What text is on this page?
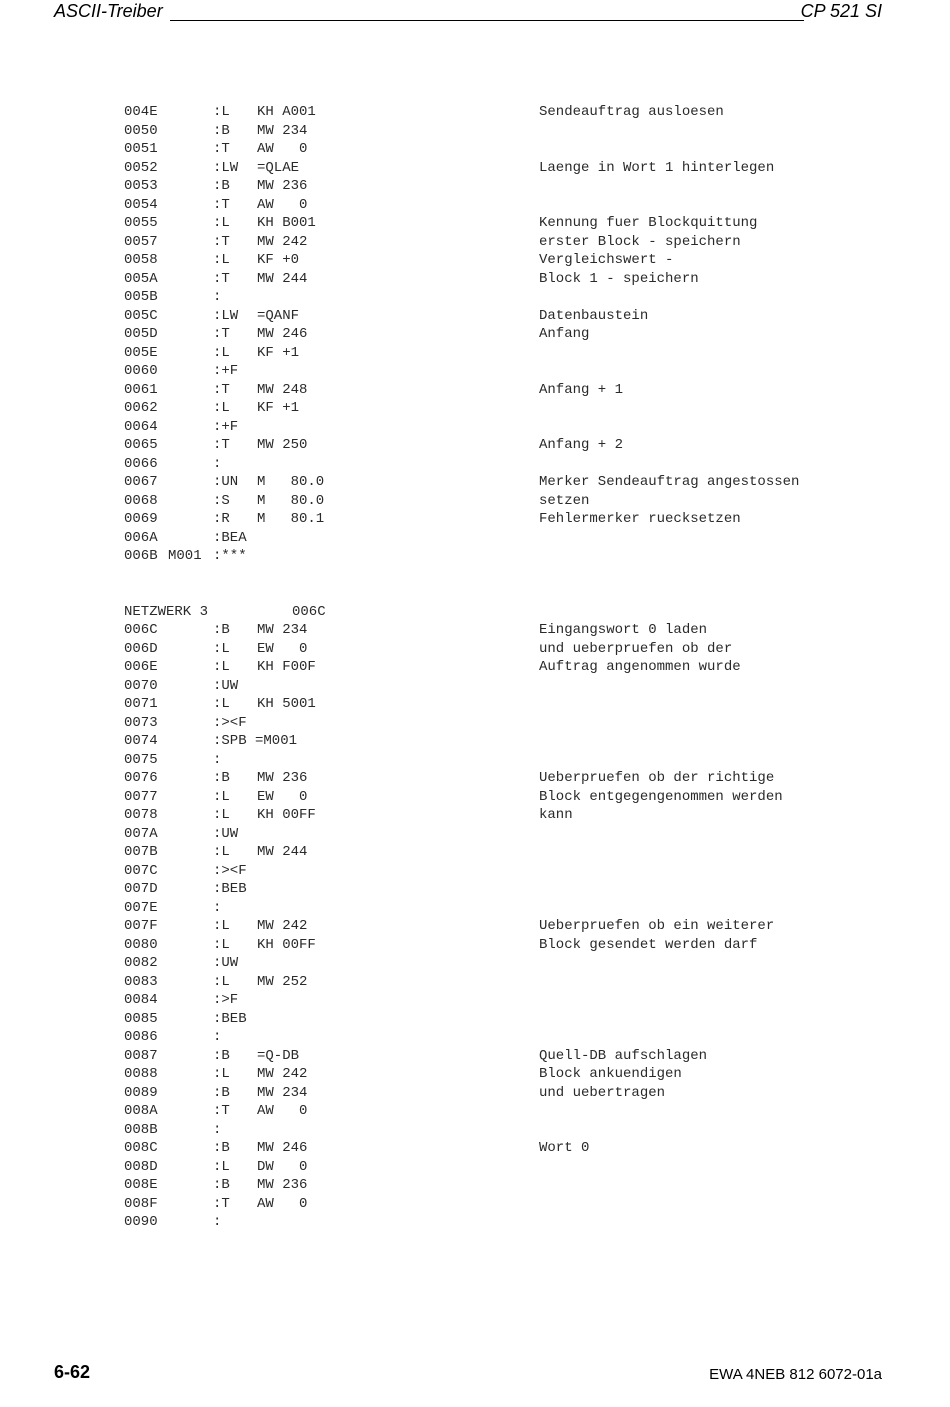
ASCII-Treiber	CP 521 SI
004E	:L KH A001	Sendeauftrag ausloesen
0050	:B MW 234
0051	:T AW   0
0052	:LW =QLAE	Laenge in Wort 1 hinterlegen
0053	:B MW 236
0054	:T AW   0
0055	:L KH B001	Kennung fuer Blockquittung
0057	:T MW 242	erster Block - speichern
0058	:L KF +0	Vergleichswert -
005A	:T MW 244	Block 1 - speichern
005B	:
005C	:LW =QANF	Datenbaustein
005D	:T MW 246	Anfang
005E	:L KF +1
0060	:+F
0061	:T MW 248	Anfang + 1
0062	:L KF +1
0064	:+F
0065	:T MW 250	Anfang + 2
0066	:
0067	:UN M   80.0	Merker Sendeauftrag angestossen
0068	:S M   80.0	setzen
0069	:R M   80.1	Fehlermerker ruecksetzen
006A	:BEA
006B M001 :***
NETZWERK 3	006C
006C	:B MW 234	Eingangswort 0 laden
006D	:L EW   0	und ueberpruefen ob der
006E	:L KH F00F	Auftrag angenommen wurde
0070	:UW
0071	:L KH 5001
0073	:><F
0074	:SPB =M001
0075	:
0076	:B MW 236	Ueberpruefen ob der richtige
0077	:L EW   0	Block entgegengenommen werden
0078	:L KH 00FF	kann
007A	:UW
007B	:L MW 244
007C	:><F
007D	:BEB
007E	:
007F	:L MW 242	Ueberpruefen ob ein weiterer
0080	:L KH 00FF	Block gesendet werden darf
0082	:UW
0083	:L MW 252
0084	:>F
0085	:BEB
0086	:
0087	:B =Q-DB	Quell-DB aufschlagen
0088	:L MW 242	Block ankuendigen
0089	:B MW 234	und uebertragen
008A	:T AW   0
008B	:
008C	:B MW 246	Wort 0
008D	:L DW   0
008E	:B MW 236
008F	:T AW   0
0090	:
6-62	EWA 4NEB 812 6072-01a
